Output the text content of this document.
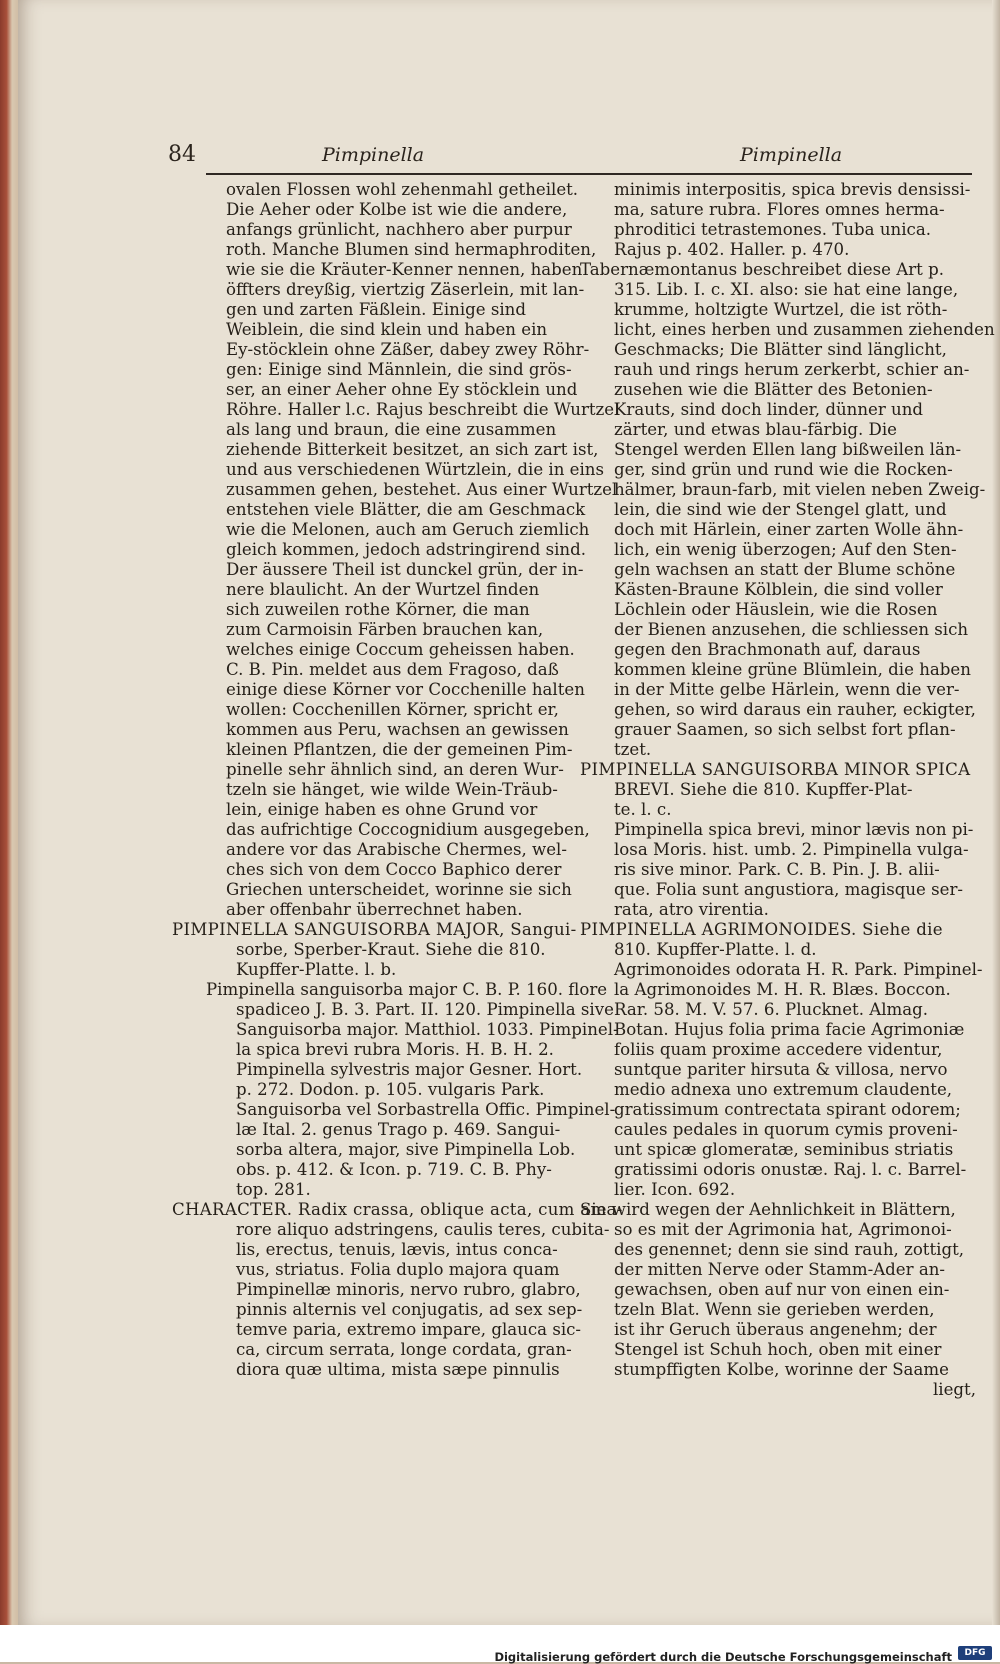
84	Pimpinella	Pimpinella
ovalen Flossen wohl zehenmahl getheilet.
Die Aeher oder Kolbe ist wie die andere,
anfangs grünlicht, nachhero aber purpur
roth. Manche Blumen sind hermaphroditen,
wie sie die Kräuter-Kenner nennen, haben
öffters dreyßig, viertzig Zäserlein, mit lan-
gen und zarten Fäßlein. Einige sind
Weiblein, die sind klein und haben ein
Ey-stöcklein ohne Zäßer, dabey zwey Röhr-
gen: Einige sind Männlein, die sind grös-
ser, an einer Aeher ohne Ey stöcklein und
Röhre. Haller l.c. Rajus beschreibt die Wurtzel
als lang und braun, die eine zusammen
ziehende Bitterkeit besitzet, an sich zart ist,
und aus verschiedenen Würtzlein, die in eins
zusammen gehen, bestehet. Aus einer Wurtzel
entstehen viele Blätter, die am Geschmack
wie die Melonen, auch am Geruch ziemlich
gleich kommen, jedoch adstringirend sind.
Der äussere Theil ist dunckel grün, der in-
nere blaulicht. An der Wurtzel finden
sich zuweilen rothe Körner, die man
zum Carmoisin Färben brauchen kan,
welches einige Coccum geheissen haben.
C. B. Pin. meldet aus dem Fragoso, daß
einige diese Körner vor Cocchenille halten
wollen: Cocchenillen Körner, spricht er,
kommen aus Peru, wachsen an gewissen
kleinen Pflantzen, die der gemeinen Pim-
pinelle sehr ähnlich sind, an deren Wur-
tzeln sie hänget, wie wilde Wein-Träub-
lein, einige haben es ohne Grund vor
das aufrichtige Coccognidium ausgegeben,
andere vor das Arabische Chermes, wel-
ches sich von dem Cocco Baphico derer
Griechen unterscheidet, worinne sie sich
aber offenbahr überrechnet haben.
PIMPINELLA SANGUISORBA MAJOR, Sangui-
sorbe, Sperber-Kraut. Siehe die 810.
Kupffer-Platte. l. b.
Pimpinella sanguisorba major C. B. P. 160. flore
spadiceo J. B. 3. Part. II. 120. Pimpinella sive
Sanguisorba major. Matthiol. 1033. Pimpinel-
la spica brevi rubra Moris. H. B. H. 2.
Pimpinella sylvestris major Gesner. Hort.
p. 272. Dodon. p. 105. vulgaris Park.
Sanguisorba vel Sorbastrella Offic. Pimpinel-
læ Ital. 2. genus Trago p. 469. Sangui-
sorba altera, major, sive Pimpinella Lob.
obs. p. 412. & Icon. p. 719. C. B. Phy-
top. 281.
CHARACTER. Radix crassa, oblique acta, cum ama-
rore aliquo adstringens, caulis teres, cubita-
lis, erectus, tenuis, lævis, intus conca-
vus, striatus. Folia duplo majora quam
Pimpinellæ minoris, nervo rubro, glabro,
pinnis alternis vel conjugatis, ad sex sep-
temve paria, extremo impare, glauca sic-
ca, circum serrata, longe cordata, gran-
diora quæ ultima, mista sæpe pinnulis
minimis interpositis, spica brevis densissi-
ma, sature rubra. Flores omnes herma-
phroditici tetrastemones. Tuba unica.
Rajus p. 402. Haller. p. 470.
Tabernæmontanus beschreibet diese Art p.
315. Lib. I. c. XI. also: sie hat eine lange,
krumme, holtzigte Wurtzel, die ist röth-
licht, eines herben und zusammen ziehenden
Geschmacks; Die Blätter sind länglicht,
rauh und rings herum zerkerbt, schier an-
zusehen wie die Blätter des Betonien-
Krauts, sind doch linder, dünner und
zärter, und etwas blau-färbig. Die
Stengel werden Ellen lang bißweilen län-
ger, sind grün und rund wie die Rocken-
hälmer, braun-farb, mit vielen neben Zweig-
lein, die sind wie der Stengel glatt, und
doch mit Härlein, einer zarten Wolle ähn-
lich, ein wenig überzogen; Auf den Sten-
geln wachsen an statt der Blume schöne
Kästen-Braune Kölblein, die sind voller
Löchlein oder Häuslein, wie die Rosen
der Bienen anzusehen, die schliessen sich
gegen den Brachmonath auf, daraus
kommen kleine grüne Blümlein, die haben
in der Mitte gelbe Härlein, wenn die ver-
gehen, so wird daraus ein rauher, eckigter,
grauer Saamen, so sich selbst fort pflan-
tzet.
PIMPINELLA SANGUISORBA MINOR SPICA
BREVI. Siehe die 810. Kupffer-Plat-
te. l. c.
Pimpinella spica brevi, minor lævis non pi-
losa Moris. hist. umb. 2. Pimpinella vulga-
ris sive minor. Park. C. B. Pin. J. B. alii-
que. Folia sunt angustiora, magisque ser-
rata, atro virentia.
PIMPINELLA AGRIMONOIDES. Siehe die
810. Kupffer-Platte. l. d.
Agrimonoides odorata H. R. Park. Pimpinel-
la Agrimonoides M. H. R. Blæs. Boccon.
Rar. 58. M. V. 57. 6. Plucknet. Almag.
Botan. Hujus folia prima facie Agrimoniæ
foliis quam proxime accedere videntur,
suntque pariter hirsuta & villosa, nervo
medio adnexa uno extremum claudente,
gratissimum contrectata spirant odorem;
caules pedales in quorum cymis proveni-
unt spicæ glomeratæ, seminibus striatis
gratissimi odoris onustæ. Raj. l. c. Barrel-
lier. Icon. 692.
Sie wird wegen der Aehnlichkeit in Blättern,
so es mit der Agrimonia hat, Agrimonoi-
des genennet; denn sie sind rauh, zottigt,
der mitten Nerve oder Stamm-Ader an-
gewachsen, oben auf nur von einen ein-
tzeln Blat. Wenn sie gerieben werden,
ist ihr Geruch überaus angenehm; der
Stengel ist Schuh hoch, oben mit einer
stumpffigten Kolbe, worinne der Saame
liegt,
Digitalisierung gefördert durch die Deutsche Forschungsgemeinschaft	DFG
